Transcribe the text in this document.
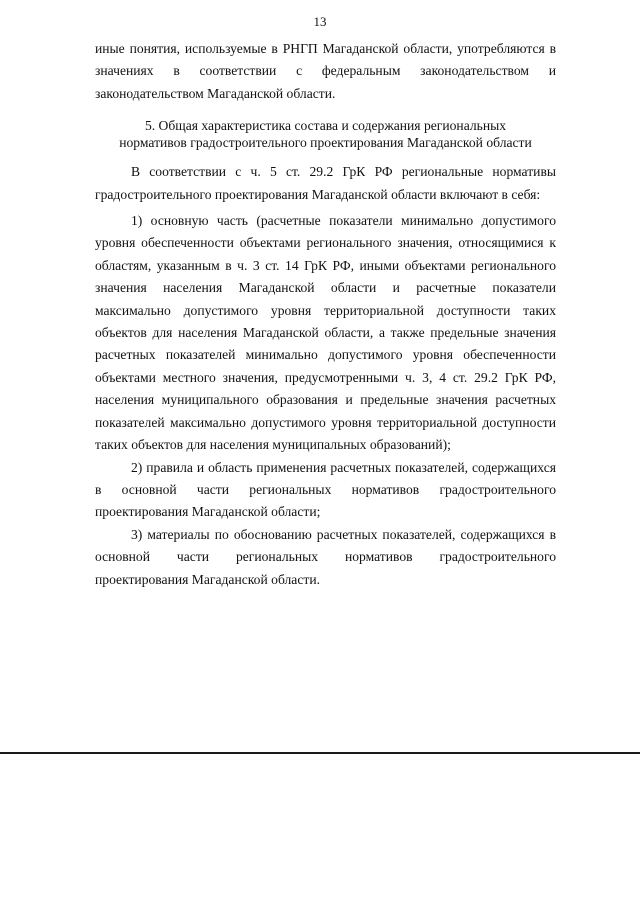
13

иные понятия, используемые в РНГП Магаданской области, употребляются в значениях в соответствии с федеральным законодательством и законодательством Магаданской области.

5. Общая характеристика состава и содержания региональных
нормативов градостроительного проектирования Магаданской области

В соответствии с ч. 5 ст. 29.2 ГрК РФ региональные нормативы градостроительного проектирования Магаданской области включают в себя:

1) основную часть (расчетные показатели минимально допустимого уровня обеспеченности объектами регионального значения, относящимися к областям, указанным в ч. 3 ст. 14 ГрК РФ, иными объектами регионального значения населения Магаданской области и расчетные показатели максимально допустимого уровня территориальной доступности таких объектов для населения Магаданской области, а также предельные значения расчетных показателей минимально допустимого уровня обеспеченности объектами местного значения, предусмотренными ч. 3, 4 ст. 29.2 ГрК РФ, населения муниципального образования и предельные значения расчетных показателей максимально допустимого уровня территориальной доступности таких объектов для населения муниципальных образований);

2) правила и область применения расчетных показателей, содержащихся в основной части региональных нормативов градостроительного проектирования Магаданской области;

3) материалы по обоснованию расчетных показателей, содержащихся в основной части региональных нормативов градостроительного проектирования Магаданской области.
